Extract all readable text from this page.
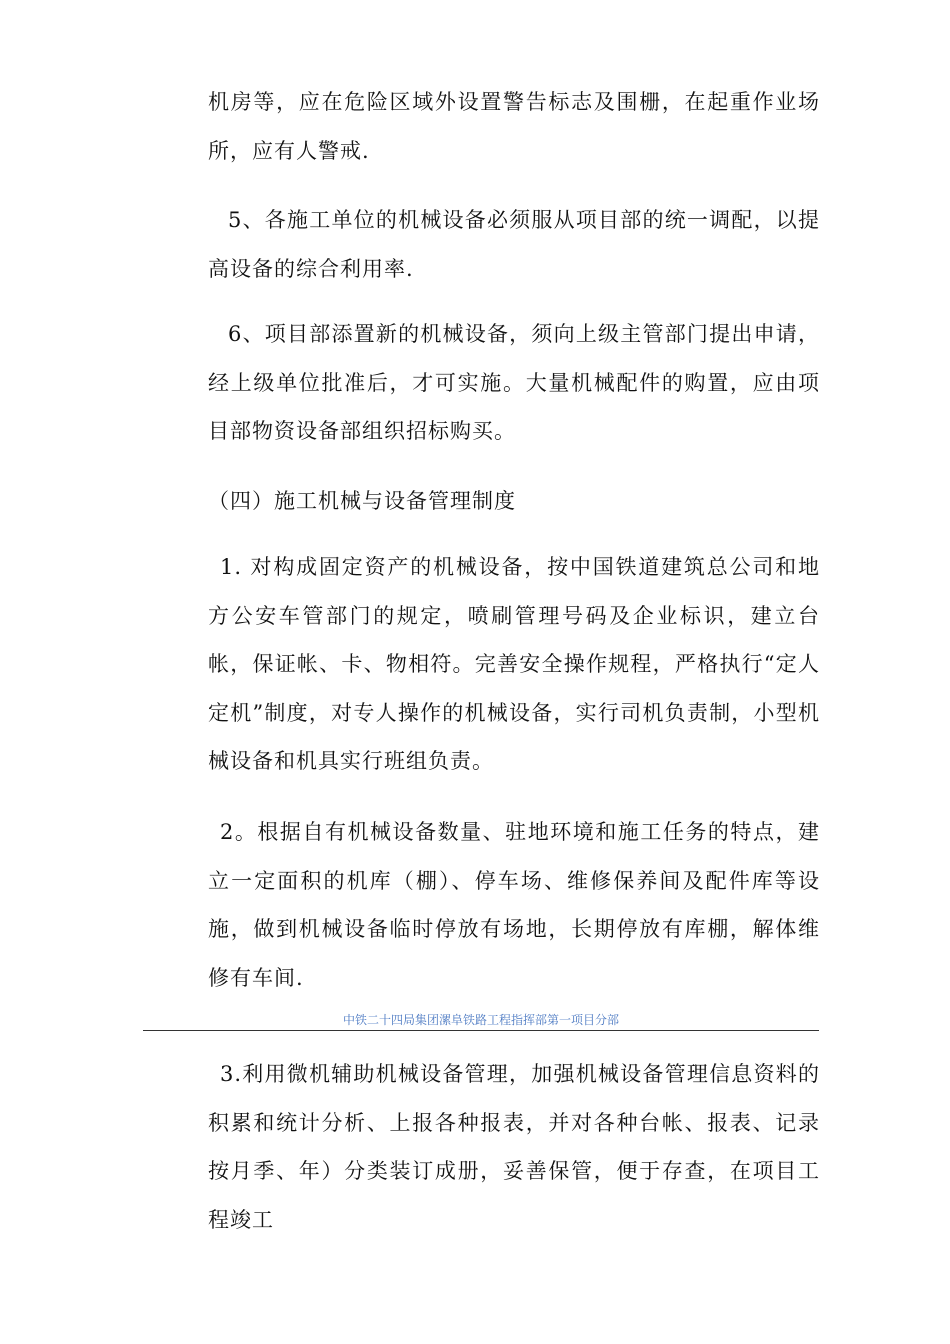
机房等，应在危险区域外设置警告标志及围栅，在起重作业场所，应有人警戒.

5、各施工单位的机械设备必须服从项目部的统一调配，以提高设备的综合利用率.

6、项目部添置新的机械设备，须向上级主管部门提出申请，经上级单位批准后，才可实施。大量机械配件的购置，应由项目部物资设备部组织招标购买。

（四）施工机械与设备管理制度

1. 对构成固定资产的机械设备，按中国铁道建筑总公司和地方公安车管部门的规定，喷刷管理号码及企业标识，建立台帐，保证帐、卡、物相符。完善安全操作规程，严格执行“定人定机”制度，对专人操作的机械设备，实行司机负责制，小型机械设备和机具实行班组负责。

2。根据自有机械设备数量、驻地环境和施工任务的特点，建立一定面积的机库（棚）、停车场、维修保养间及配件库等设施，做到机械设备临时停放有场地，长期停放有库棚，解体维修有车间.

中铁二十四局集团漯阜铁路工程指挥部第一项目分部

3.利用微机辅助机械设备管理，加强机械设备管理信息资料的积累和统计分析、上报各种报表，并对各种台帐、报表、记录按月季、年）分类装订成册，妥善保管，便于存查，在项目工程竣工
